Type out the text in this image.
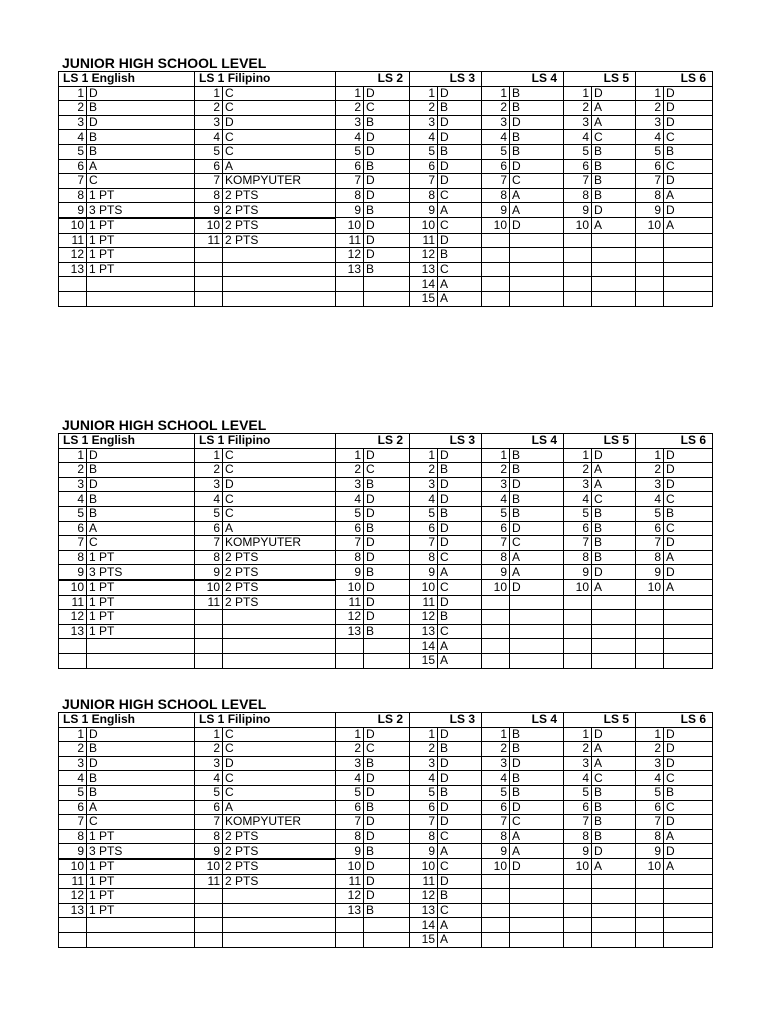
JUNIOR HIGH SCHOOL LEVEL
LS 1 English		LS 1 Filipino		LS 2		LS 3		LS 4		LS 5		LS 6	
1	D	1	C	1	D	1	D	1	B	1	D	1	D
2	B	2	C	2	C	2	B	2	B	2	A	2	D
3	D	3	D	3	B	3	D	3	D	3	A	3	D
4	B	4	C	4	D	4	D	4	B	4	C	4	C
5	B	5	C	5	D	5	B	5	B	5	B	5	B
6	A	6	A	6	B	6	D	6	D	6	B	6	C
7	C	7	KOMPYUTER	7	D	7	D	7	C	7	B	7	D
8	1 PT	8	2 PTS	8	D	8	C	8	A	8	B	8	A
9	3 PTS	9	2 PTS	9	B	9	A	9	A	9	D	9	D
10	1 PT	10	2 PTS	10	D	10	C	10	D	10	A	10	A
11	1 PT	11	2 PTS	11	D	11	D						
12	1 PT			12	D	12	B						
13	1 PT			13	B	13	C						
						14	A						
						15	A						
JUNIOR HIGH SCHOOL LEVEL
LS 1 English		LS 1 Filipino		LS 2		LS 3		LS 4		LS 5		LS 6	
1	D	1	C	1	D	1	D	1	B	1	D	1	D
2	B	2	C	2	C	2	B	2	B	2	A	2	D
3	D	3	D	3	B	3	D	3	D	3	A	3	D
4	B	4	C	4	D	4	D	4	B	4	C	4	C
5	B	5	C	5	D	5	B	5	B	5	B	5	B
6	A	6	A	6	B	6	D	6	D	6	B	6	C
7	C	7	KOMPYUTER	7	D	7	D	7	C	7	B	7	D
8	1 PT	8	2 PTS	8	D	8	C	8	A	8	B	8	A
9	3 PTS	9	2 PTS	9	B	9	A	9	A	9	D	9	D
10	1 PT	10	2 PTS	10	D	10	C	10	D	10	A	10	A
11	1 PT	11	2 PTS	11	D	11	D						
12	1 PT			12	D	12	B						
13	1 PT			13	B	13	C						
						14	A						
						15	A						
JUNIOR HIGH SCHOOL LEVEL
LS 1 English		LS 1 Filipino		LS 2		LS 3		LS 4		LS 5		LS 6	
1	D	1	C	1	D	1	D	1	B	1	D	1	D
2	B	2	C	2	C	2	B	2	B	2	A	2	D
3	D	3	D	3	B	3	D	3	D	3	A	3	D
4	B	4	C	4	D	4	D	4	B	4	C	4	C
5	B	5	C	5	D	5	B	5	B	5	B	5	B
6	A	6	A	6	B	6	D	6	D	6	B	6	C
7	C	7	KOMPYUTER	7	D	7	D	7	C	7	B	7	D
8	1 PT	8	2 PTS	8	D	8	C	8	A	8	B	8	A
9	3 PTS	9	2 PTS	9	B	9	A	9	A	9	D	9	D
10	1 PT	10	2 PTS	10	D	10	C	10	D	10	A	10	A
11	1 PT	11	2 PTS	11	D	11	D						
12	1 PT			12	D	12	B						
13	1 PT			13	B	13	C						
						14	A						
						15	A						
